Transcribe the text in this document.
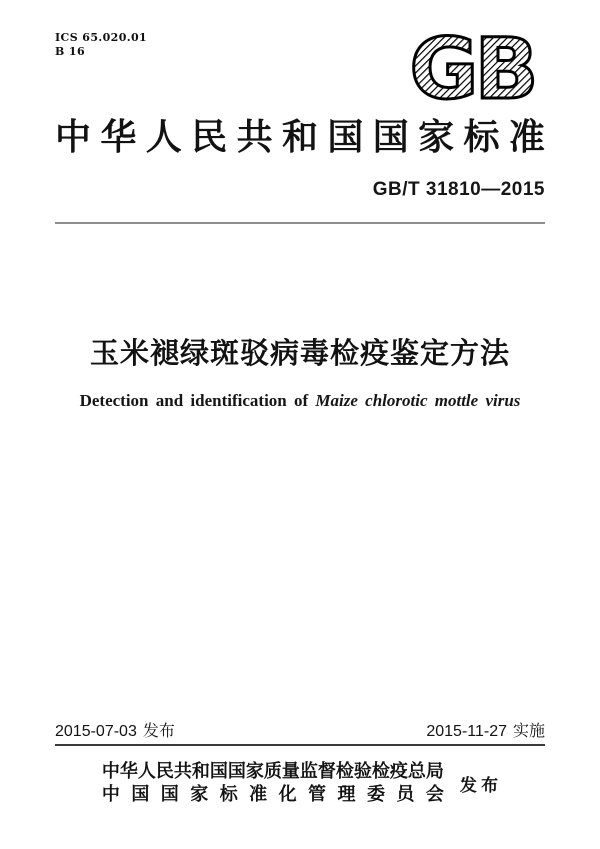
ICS 65.020.01
B 16	GB
中 华 人 民 共 和 国 国 家 标 准
GB/T 31810—2015
玉米褪绿斑驳病毒检疫鉴定方法
Detection and identification of Maize chlorotic mottle virus
2015-07-03 发布	2015-11-27 实施
中华人民共和国国家质量监督检验检疫总局
中 国 国 家 标 准 化 管 理 委 员 会 发 布
